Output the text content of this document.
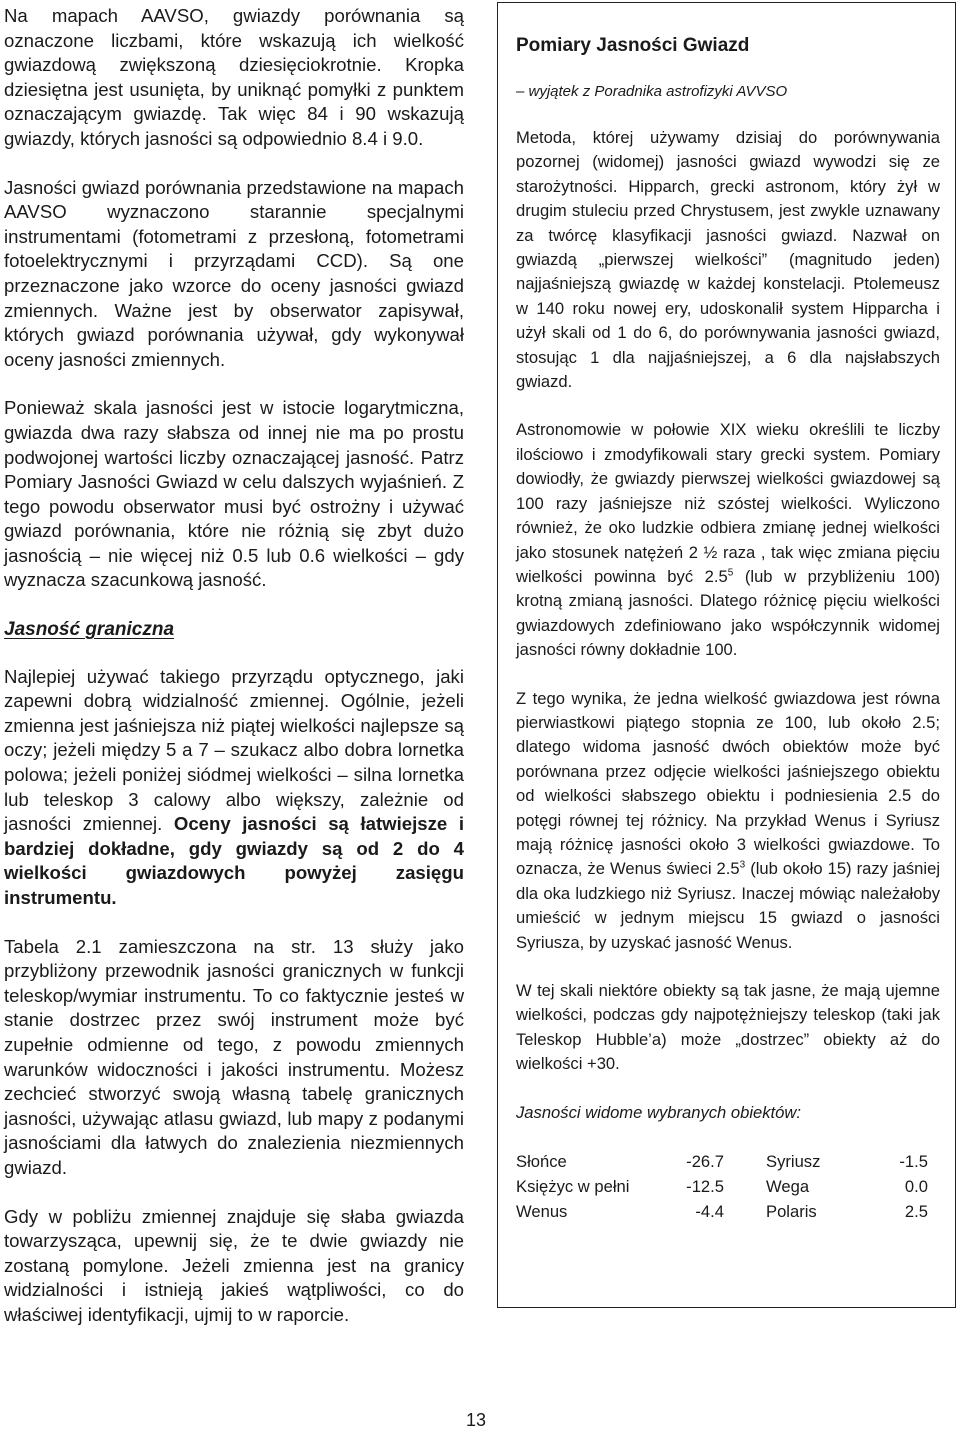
Na mapach AAVSO, gwiazdy porównania są oznaczone liczbami, które wskazują ich wielkość gwiazdową zwiększoną dziesięciokrotnie. Kropka dziesiętna jest usunięta, by uniknąć pomyłki z punktem oznaczającym gwiazdę. Tak więc 84 i 90 wskazują gwiazdy, których jasności są odpowiednio 8.4 i 9.0.

Jasności gwiazd porównania przedstawione na mapach AAVSO wyznaczono starannie specjalnymi instrumentami (fotometrami z przesłoną, fotometrami fotoelektrycznymi i przyrządami CCD). Są one przeznaczone jako wzorce do oceny jasności gwiazd zmiennych. Ważne jest by obserwator zapisywał, których gwiazd porównania używał, gdy wykonywał oceny jasności zmiennych.

Ponieważ skala jasności jest w istocie logarytmiczna, gwiazda dwa razy słabsza od innej nie ma po prostu podwojonej wartości liczby oznaczającej jasność. Patrz Pomiary Jasności Gwiazd w celu dalszych wyjaśnień. Z tego powodu obserwator musi być ostrożny i używać gwiazd porównania, które nie różnią się zbyt dużo jasnością – nie więcej niż 0.5 lub 0.6 wielkości – gdy wyznacza szacunkową jasność.

Jasność graniczna

Najlepiej używać takiego przyrządu optycznego, jaki zapewni dobrą widzialność zmiennej. Ogólnie, jeżeli zmienna jest jaśniejsza niż piątej wielkości najlepsze są oczy; jeżeli między 5 a 7 – szukacz albo dobra lornetka polowa; jeżeli poniżej siódmej wielkości – silna lornetka lub teleskop 3 calowy albo większy, zależnie od jasności zmiennej. Oceny jasności są łatwiejsze i bardziej dokładne, gdy gwiazdy są od 2 do 4 wielkości gwiazdowych powyżej zasięgu instrumentu.

Tabela 2.1 zamieszczona na str. 13 służy jako przybliżony przewodnik jasności granicznych w funkcji teleskop/wymiar instrumentu. To co faktycznie jesteś w stanie dostrzec przez swój instrument może być zupełnie odmienne od tego, z powodu zmiennych warunków widoczności i jakości instrumentu. Możesz zechcieć stworzyć swoją własną tabelę granicznych jasności, używając atlasu gwiazd, lub mapy z podanymi jasnościami dla łatwych do znalezienia niezmiennych gwiazd.

Gdy w pobliżu zmiennej znajduje się słaba gwiazda towarzysząca, upewnij się, że te dwie gwiazdy nie zostaną pomylone. Jeżeli zmienna jest na granicy widzialności i istnieją jakieś wątpliwości, co do właściwej identyfikacji, ujmij to w raporcie.

Pomiary Jasności Gwiazd

– wyjątek z Poradnika astrofizyki AVVSO

Metoda, której używamy dzisiaj do porównywania pozornej (widomej) jasności gwiazd wywodzi się ze starożytności. Hipparch, grecki astronom, który żył w drugim stuleciu przed Chrystusem, jest zwykle uznawany za twórcę klasyfikacji jasności gwiazd. Nazwał on gwiazdą „pierwszej wielkości” (magnitudo jeden) najjaśniejszą gwiazdę w każdej konstelacji. Ptolemeusz w 140 roku nowej ery, udoskonalił system Hipparcha i użył skali od 1 do 6, do porównywania jasności gwiazd, stosując 1 dla najjaśniejszej, a 6 dla najsłabszych gwiazd.

Astronomowie w połowie XIX wieku określili te liczby ilościowo i zmodyfikowali stary grecki system. Pomiary dowiodły, że gwiazdy pierwszej wielkości gwiazdowej są 100 razy jaśniejsze niż szóstej wielkości. Wyliczono również, że oko ludzkie odbiera zmianę jednej wielkości jako stosunek natężeń 2 ½ raza , tak więc zmiana pięciu wielkości powinna być $2.5^5$ (lub w przybliżeniu 100) krotną zmianą jasności. Dlatego różnicę pięciu wielkości gwiazdowych zdefiniowano jako współczynnik widomej jasności równy dokładnie 100.

Z tego wynika, że jedna wielkość gwiazdowa jest równa pierwiastkowi piątego stopnia ze 100, lub około 2.5; dlatego widoma jasność dwóch obiektów może być porównana przez odjęcie wielkości jaśniejszego obiektu od wielkości słabszego obiektu i podniesienia 2.5 do potęgi równej tej różnicy. Na przykład Wenus i Syriusz mają różnicę jasności około 3 wielkości gwiazdowe. To oznacza, że Wenus świeci $2.5^3$ (lub około 15) razy jaśniej dla oka ludzkiego niż Syriusz. Inaczej mówiąc należałoby umieścić w jednym miejscu 15 gwiazd o jasności Syriusza, by uzyskać jasność Wenus.

W tej skali niektóre obiekty są tak jasne, że mają ujemne wielkości, podczas gdy najpotężniejszy teleskop (taki jak Teleskop Hubble’a) może „dostrzec” obiekty aż do wielkości +30.

Jasności widome wybranych obiektów:

Słońce	-26.7	Syriusz	-1.5
Księżyc w pełni	-12.5	Wega	0.0
Wenus	-4.4	Polaris	2.5
13
